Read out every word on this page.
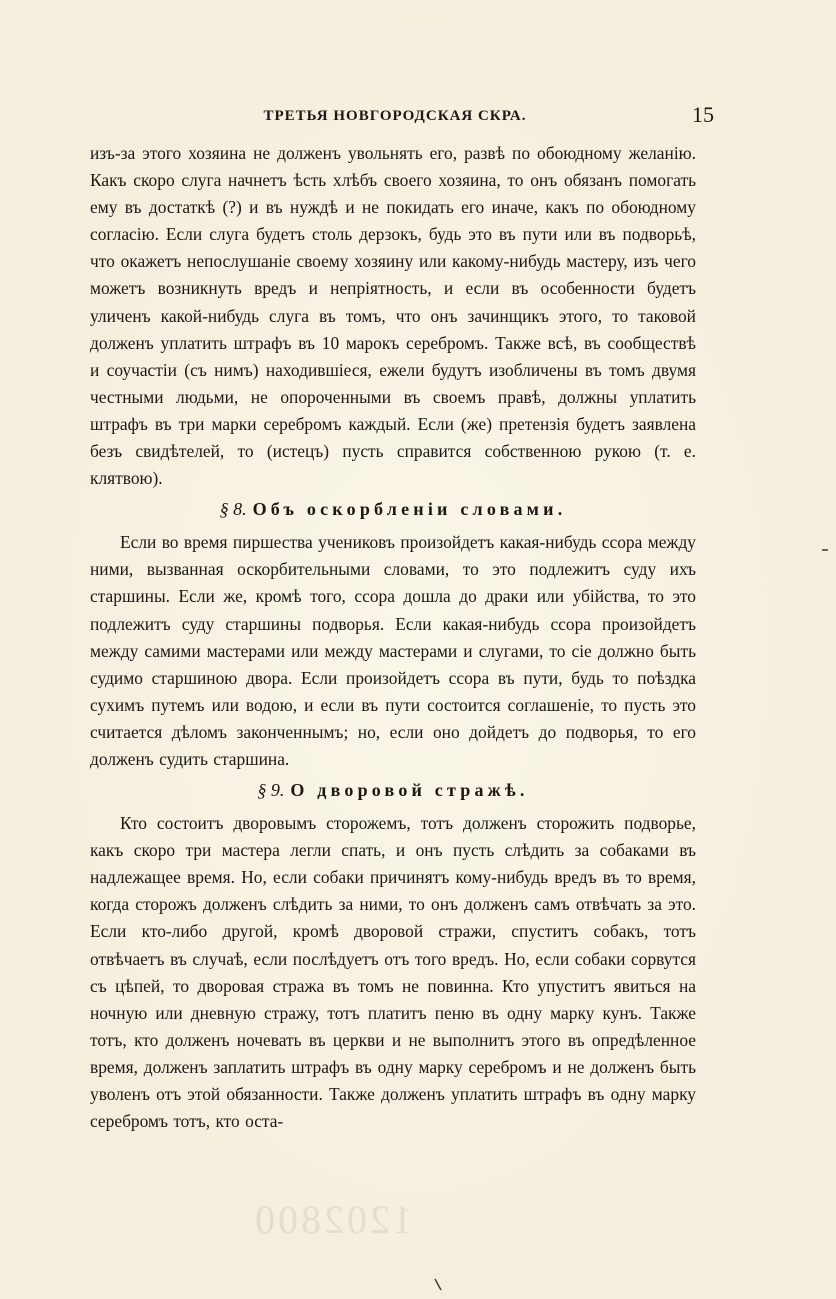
ТРЕТЬЯ НОВГОРОДСКАЯ СКРА.	15

изъ-за этого хозяина не долженъ увольнять его, развѣ по обоюдному желанію. Какъ скоро слуга начнетъ ѣсть хлѣбъ своего хозяина, то онъ обязанъ помогать ему въ достаткѣ (?) и въ нуждѣ и не покидать его иначе, какъ по обоюдному согласію. Если слуга будетъ столь дерзокъ, будь это въ пути или въ подворьѣ, что окажетъ непослушаніе своему хозяину или какому-нибудь мастеру, изъ чего можетъ возникнуть вредъ и непріятность, и если въ особенности будетъ уличенъ какой-нибудь слуга въ томъ, что онъ зачинщикъ этого, то таковой долженъ уплатить штрафъ въ 10 марокъ серебромъ. Также всѣ, въ сообществѣ и соучастіи (съ нимъ) находившіеся, ежели будутъ изобличены въ томъ двумя честными людьми, не опороченными въ своемъ правѣ, должны уплатить штрафъ въ три марки серебромъ каждый. Если (же) претензія будетъ заявлена безъ свидѣтелей, то (истецъ) пусть справится собственною рукою (т. е. клятвою).

§ 8. Объ оскорбленіи словами.

Если во время пиршества учениковъ произойдетъ какая-нибудь ссора между ними, вызванная оскорбительными словами, то это подлежитъ суду ихъ старшины. Если же, кромѣ того, ссора дошла до драки или убійства, то это подлежитъ суду старшины подворья. Если какая-нибудь ссора произойдетъ между самими мастерами или между мастерами и слугами, то сіе должно быть судимо старшиною двора. Если произойдетъ ссора въ пути, будь то поѣздка сухимъ путемъ или водою, и если въ пути состоится соглашеніе, то пусть это считается дѣломъ законченнымъ; но, если оно дойдетъ до подворья, то его долженъ судить старшина.

§ 9. О дворовой стражѣ.

Кто состоитъ дворовымъ сторожемъ, тотъ долженъ сторожить подворье, какъ скоро три мастера легли спать, и онъ пусть слѣдить за собаками въ надлежащее время. Но, если собаки причинятъ кому-нибудь вредъ въ то время, когда сторожъ долженъ слѣдить за ними, то онъ долженъ самъ отвѣчать за это. Если кто-либо другой, кромѣ дворовой стражи, спуститъ собакъ, тотъ отвѣчаетъ въ случаѣ, если послѣдуетъ отъ того вредъ. Но, если собаки сорвутся съ цѣпей, то дворовая стража въ томъ не повинна. Кто упуститъ явиться на ночную или дневную стражу, тотъ платитъ пеню въ одну марку кунъ. Также тотъ, кто долженъ ночевать въ церкви и не выполнитъ этого въ опредѣленное время, долженъ заплатить штрафъ въ одну марку серебромъ и не долженъ быть уволенъ отъ этой обязанности. Также долженъ уплатить штрафъ въ одну марку серебромъ тотъ, кто оста-

1202800
